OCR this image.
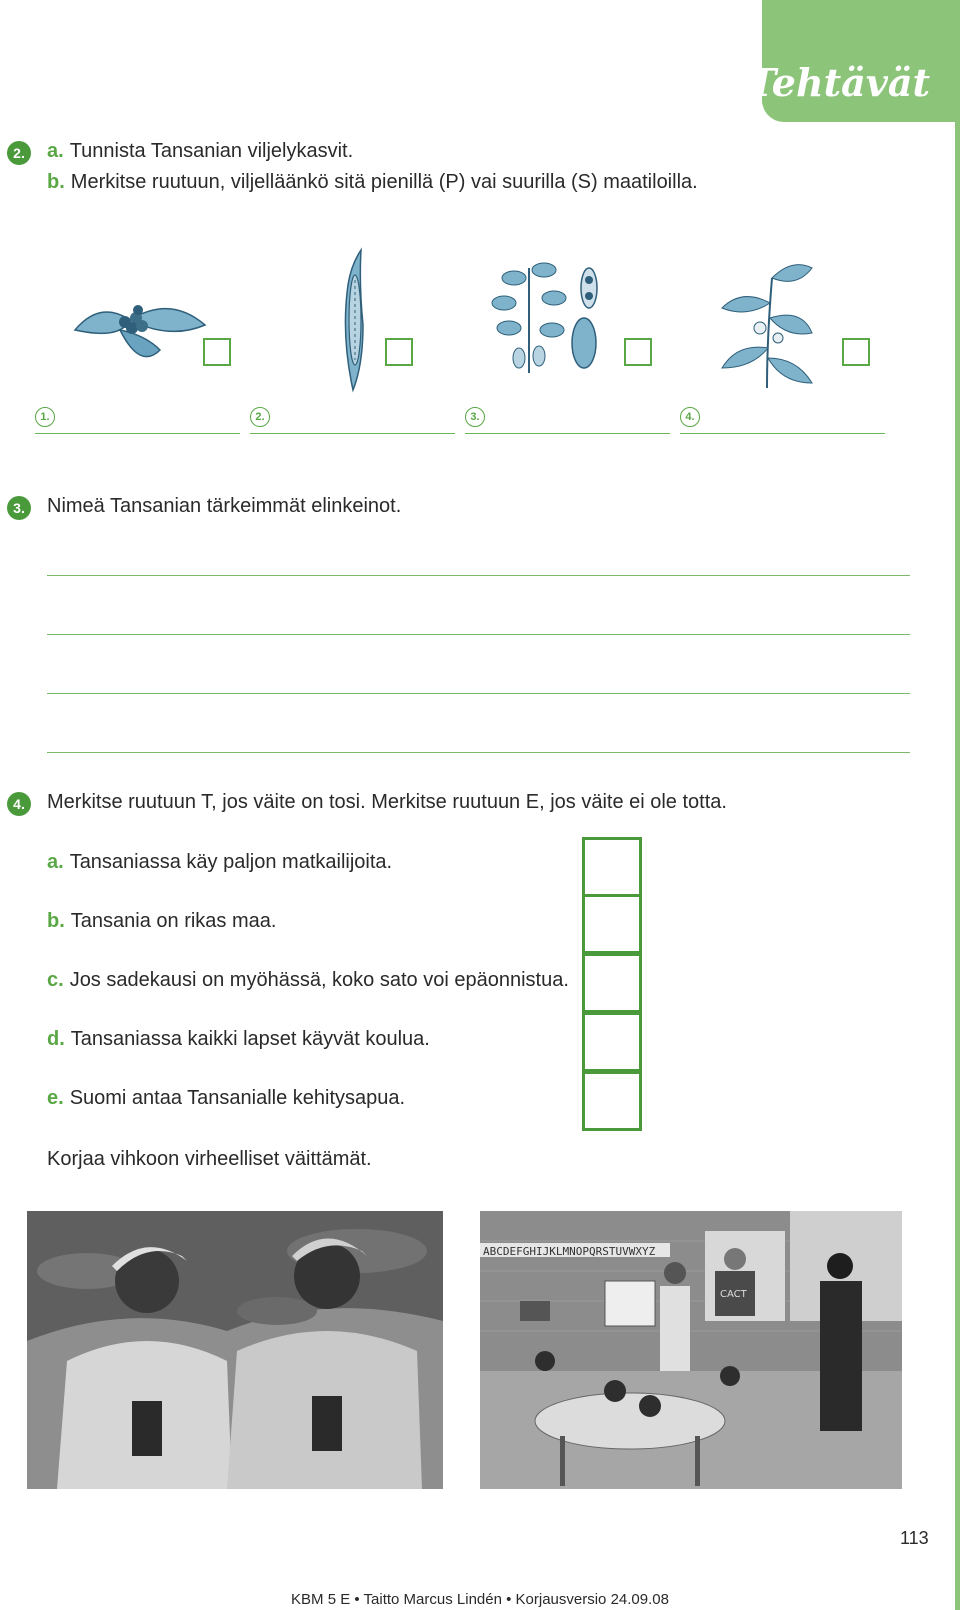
Tehtävät
2.	a. Tunnista Tansanian viljelykasvit.
b. Merkitse ruutuun, viljelläänkö sitä pienillä (P) vai suurilla (S) maatiloilla.
1.	2.	3.	4.
3.	Nimeä Tansanian tärkeimmät elinkeinot.
4.	Merkitse ruutuun T, jos väite on tosi. Merkitse ruutuun E, jos väite ei ole totta.
a. Tansaniassa käy paljon matkailijoita.
b. Tansania on rikas maa.
c. Jos sadekausi on myöhässä, koko sato voi epäonnistua.
d. Tansaniassa kaikki lapset käyvät koulua.
e. Suomi antaa Tansanialle kehitysapua.
Korjaa vihkoon virheelliset väittämät.
ABCDEFGHIJKLMNOPQRSTUVWXYZ
CACT
113
KBM 5 E • Taitto Marcus Lindén • Korjausversio 24.09.08
